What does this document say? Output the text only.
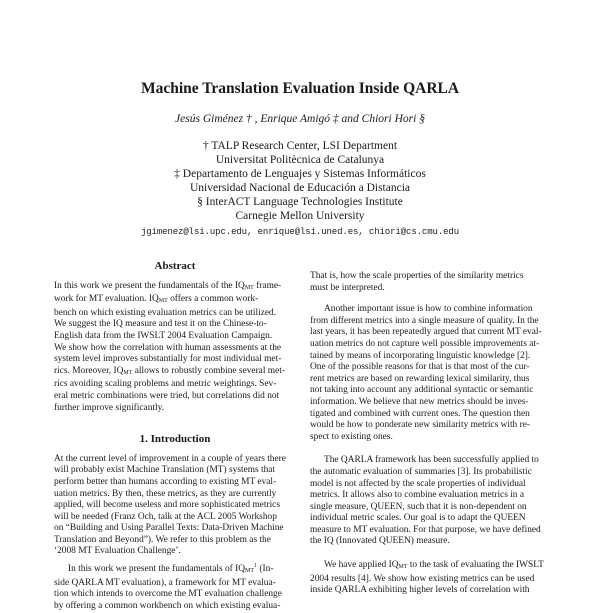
Machine Translation Evaluation Inside QARLA
Jesús Giménez † , Enrique Amigó ‡ and Chiori Hori §
† TALP Research Center, LSI Department
Universitat Politècnica de Catalunya
‡ Departamento de Lenguajes y Sistemas Informáticos
Universidad Nacional de Educación a Distancia
§ InterACT Language Technologies Institute
Carnegie Mellon University
jgimenez@lsi.upc.edu, enrique@lsi.uned.es, chiori@cs.cmu.edu
Abstract

In this work we present the fundamentals of the IQMT frame-
work for MT evaluation. IQMT offers a common work-
bench on which existing evaluation metrics can be utilized.
We suggest the IQ measure and test it on the Chinese-to-
English data from the IWSLT 2004 Evaluation Campaign.
We show how the correlation with human assessments at the
system level improves substantially for most individual met-
rics. Moreover, IQMT allows to robustly combine several met-
rics avoiding scaling problems and metric weightings. Sev-
eral metric combinations were tried, but correlations did not
further improve significantly.

1. Introduction

At the current level of improvement in a couple of years there
will probably exist Machine Translation (MT) systems that
perform better than humans according to existing MT eval-
uation metrics. By then, these metrics, as they are currently
applied, will become useless and more sophisticated metrics
will be needed (Franz Och, talk at the ACL 2005 Workshop
on “Building and Using Parallel Texts: Data-Driven Machine
Translation and Beyond”). We refer to this problem as the
‘2008 MT Evaluation Challenge’.

In this work we present the fundamentals of IQMT$^1$ (In-
side QARLA MT evaluation), a framework for MT evalua-
tion which intends to overcome the MT evaluation challenge
by offering a common workbench on which existing evalua-

That is, how the scale properties of the similarity metrics
must be interpreted.

Another important issue is how to combine information
from different metrics into a single measure of quality. In the
last years, it has been repeatedly argued that current MT eval-
uation metrics do not capture well possible improvements at-
tained by means of incorporating linguistic knowledge [2].
One of the possible reasons for that is that most of the cur-
rent metrics are based on rewarding lexical similarity, thus
not taking into account any additional syntactic or semantic
information. We believe that new metrics should be inves-
tigated and combined with current ones. The question then
would be how to ponderate new similarity metrics with re-
spect to existing ones.

The QARLA framework has been successfully applied to
the automatic evaluation of summaries [3]. Its probabilistic
model is not affected by the scale properties of individual
metrics. It allows also to combine evaluation metrics in a
single measure, QUEEN, such that it is non-dependent on
individual metric scales. Our goal is to adapt the QUEEN
measure to MT evaluation. For that purpose, we have defined
the IQ (Innovated QUEEN) measure.

We have applied IQMT to the task of evaluating the IWSLT
2004 results [4]. We show how existing metrics can be used
inside QARLA exhibiting higher levels of correlation with
